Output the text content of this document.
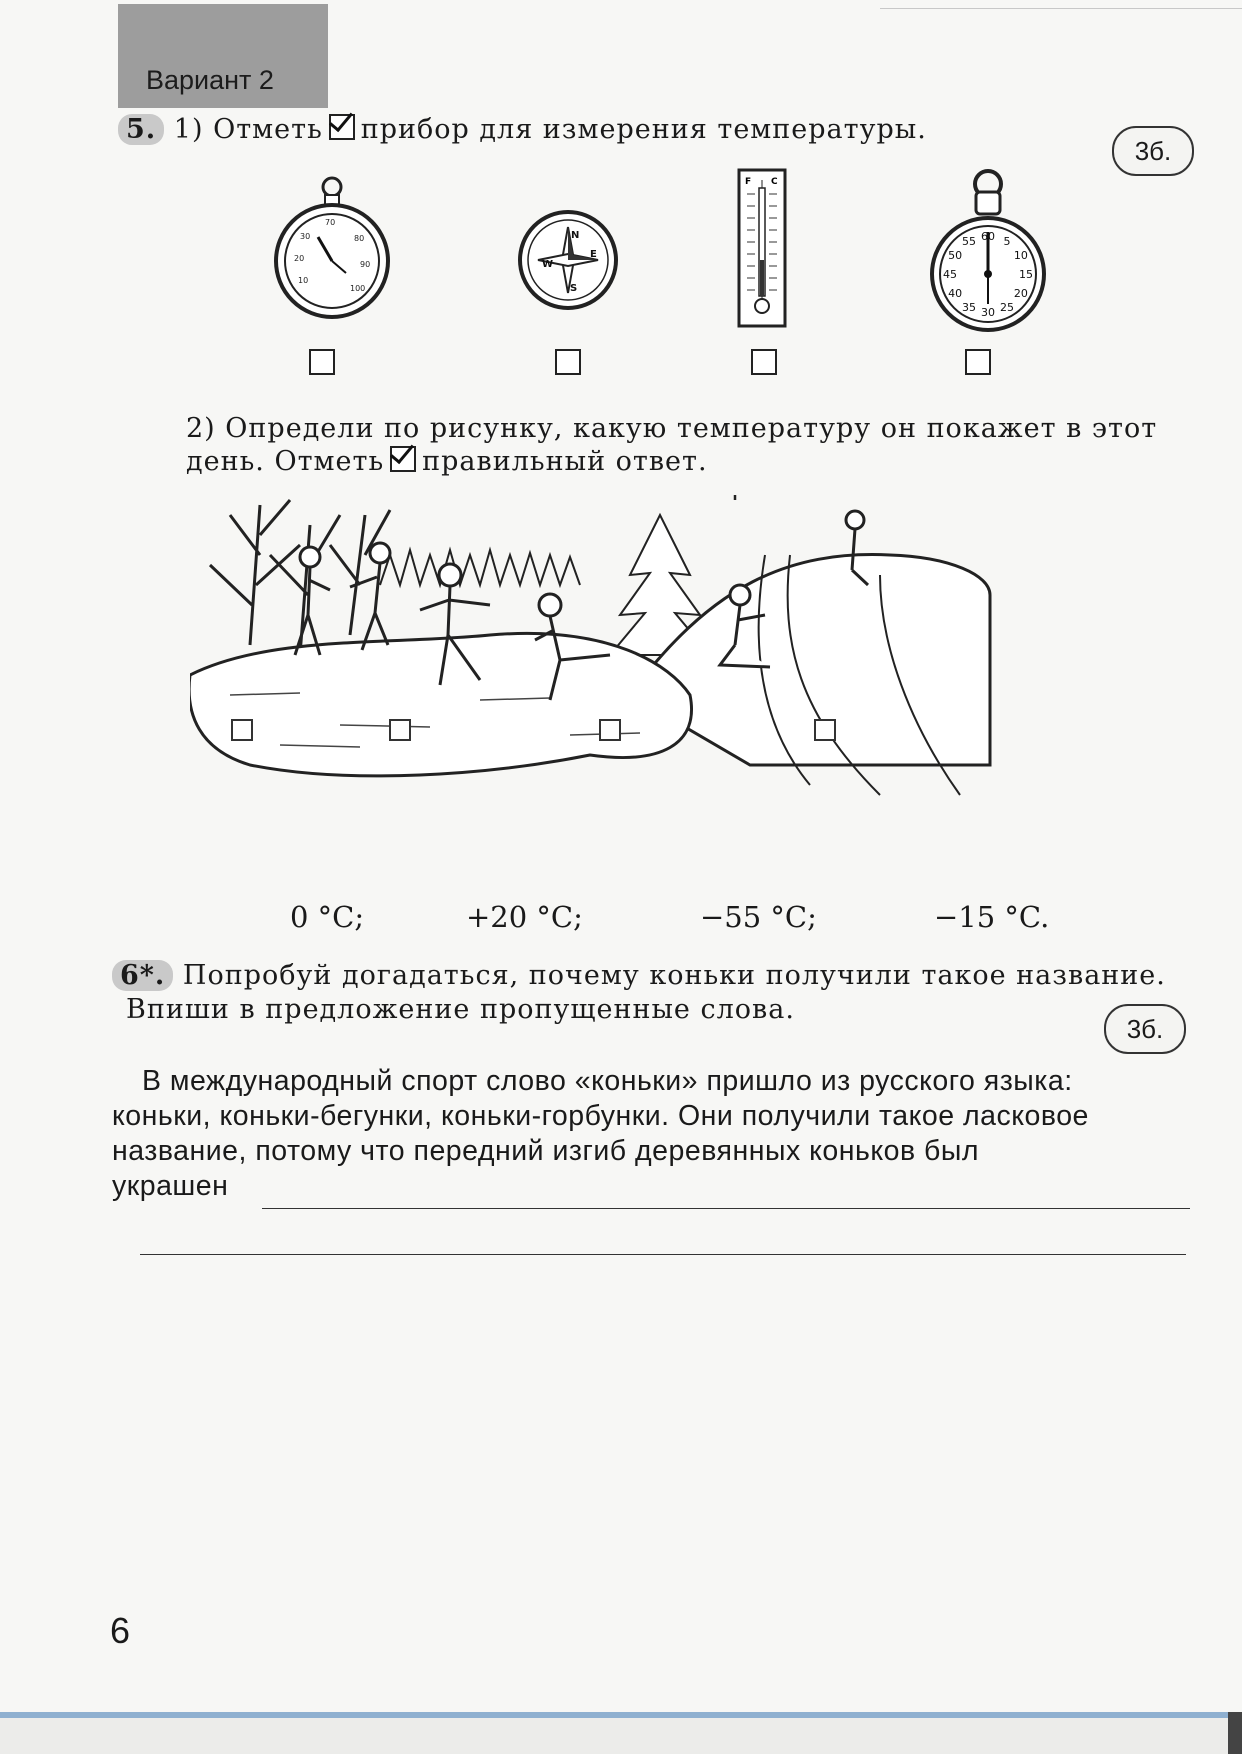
Вариант 2
5. 1) Отметь прибор для измерения температуры.
3б.
70
80
90
100
10
20
30	N
E
S
W
F C
60 5
10
15
20
25
30
35
40
45
50
55
2) Определи по рисунку, какую температуру он покажет в этот
день. Отметь правильный ответ.
0 °C;	+20 °C;	−55 °C;	−15 °C.
6*. Попробуй догадаться, почему коньки получили такое название.
Впиши в предложение пропущенные слова.
3б.
В международный спорт слово «коньки» пришло из русского языка:
коньки, коньки-бегунки, коньки-горбунки. Они получили такое ласковое
название, потому что передний изгиб деревянных коньков был
украшен
6
